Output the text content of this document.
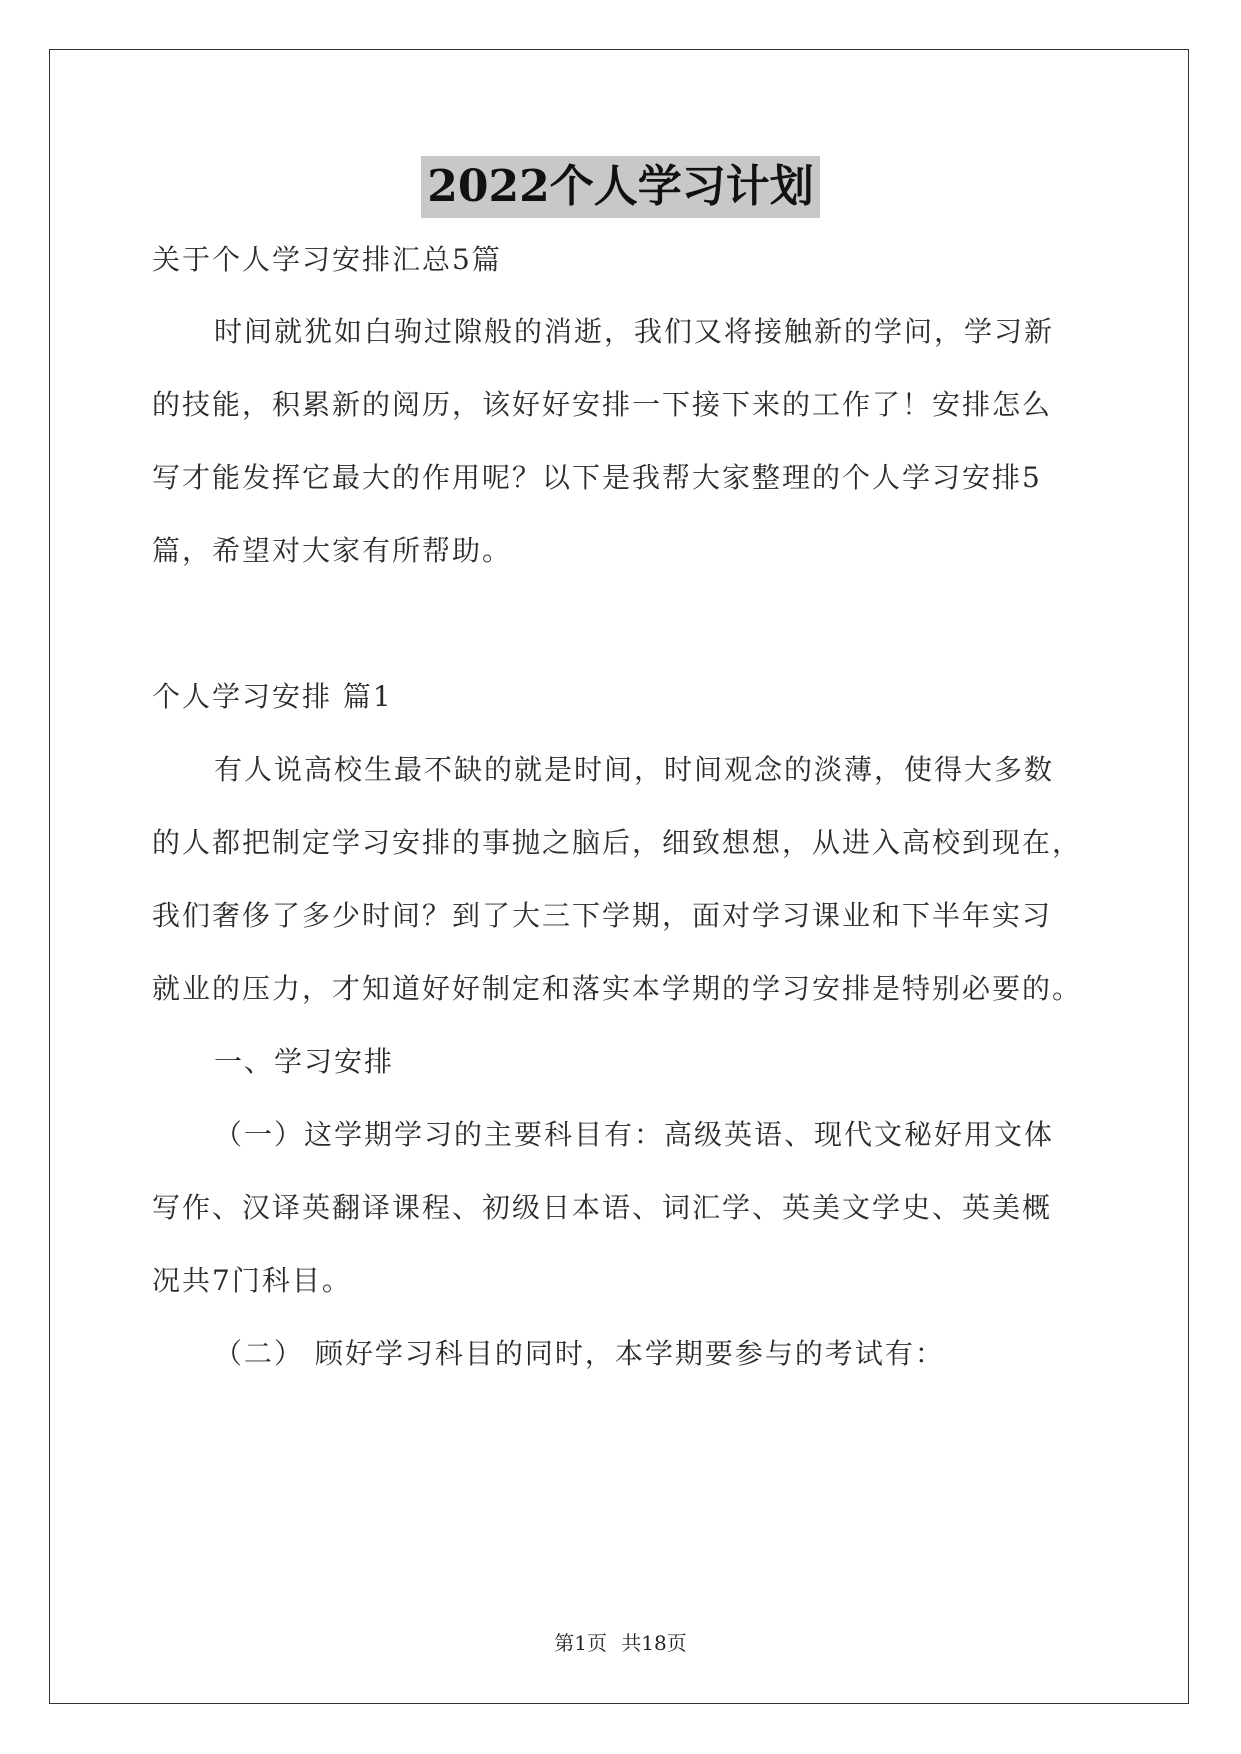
2022个人学习计划
关于个人学习安排汇总5篇
时间就犹如白驹过隙般的消逝，我们又将接触新的学问，学习新
的技能，积累新的阅历，该好好安排一下接下来的工作了！安排怎么
写才能发挥它最大的作用呢？以下是我帮大家整理的个人学习安排5
篇，希望对大家有所帮助。
个人学习安排 篇1
有人说高校生最不缺的就是时间，时间观念的淡薄，使得大多数
的人都把制定学习安排的事抛之脑后，细致想想，从进入高校到现在，
我们奢侈了多少时间？到了大三下学期，面对学习课业和下半年实习
就业的压力，才知道好好制定和落实本学期的学习安排是特别必要的。
一、学习安排
（一）这学期学习的主要科目有：高级英语、现代文秘好用文体
写作、汉译英翻译课程、初级日本语、词汇学、英美文学史、英美概
况共7门科目。
（二） 顾好学习科目的同时，本学期要参与的考试有：
第1页 共18页
